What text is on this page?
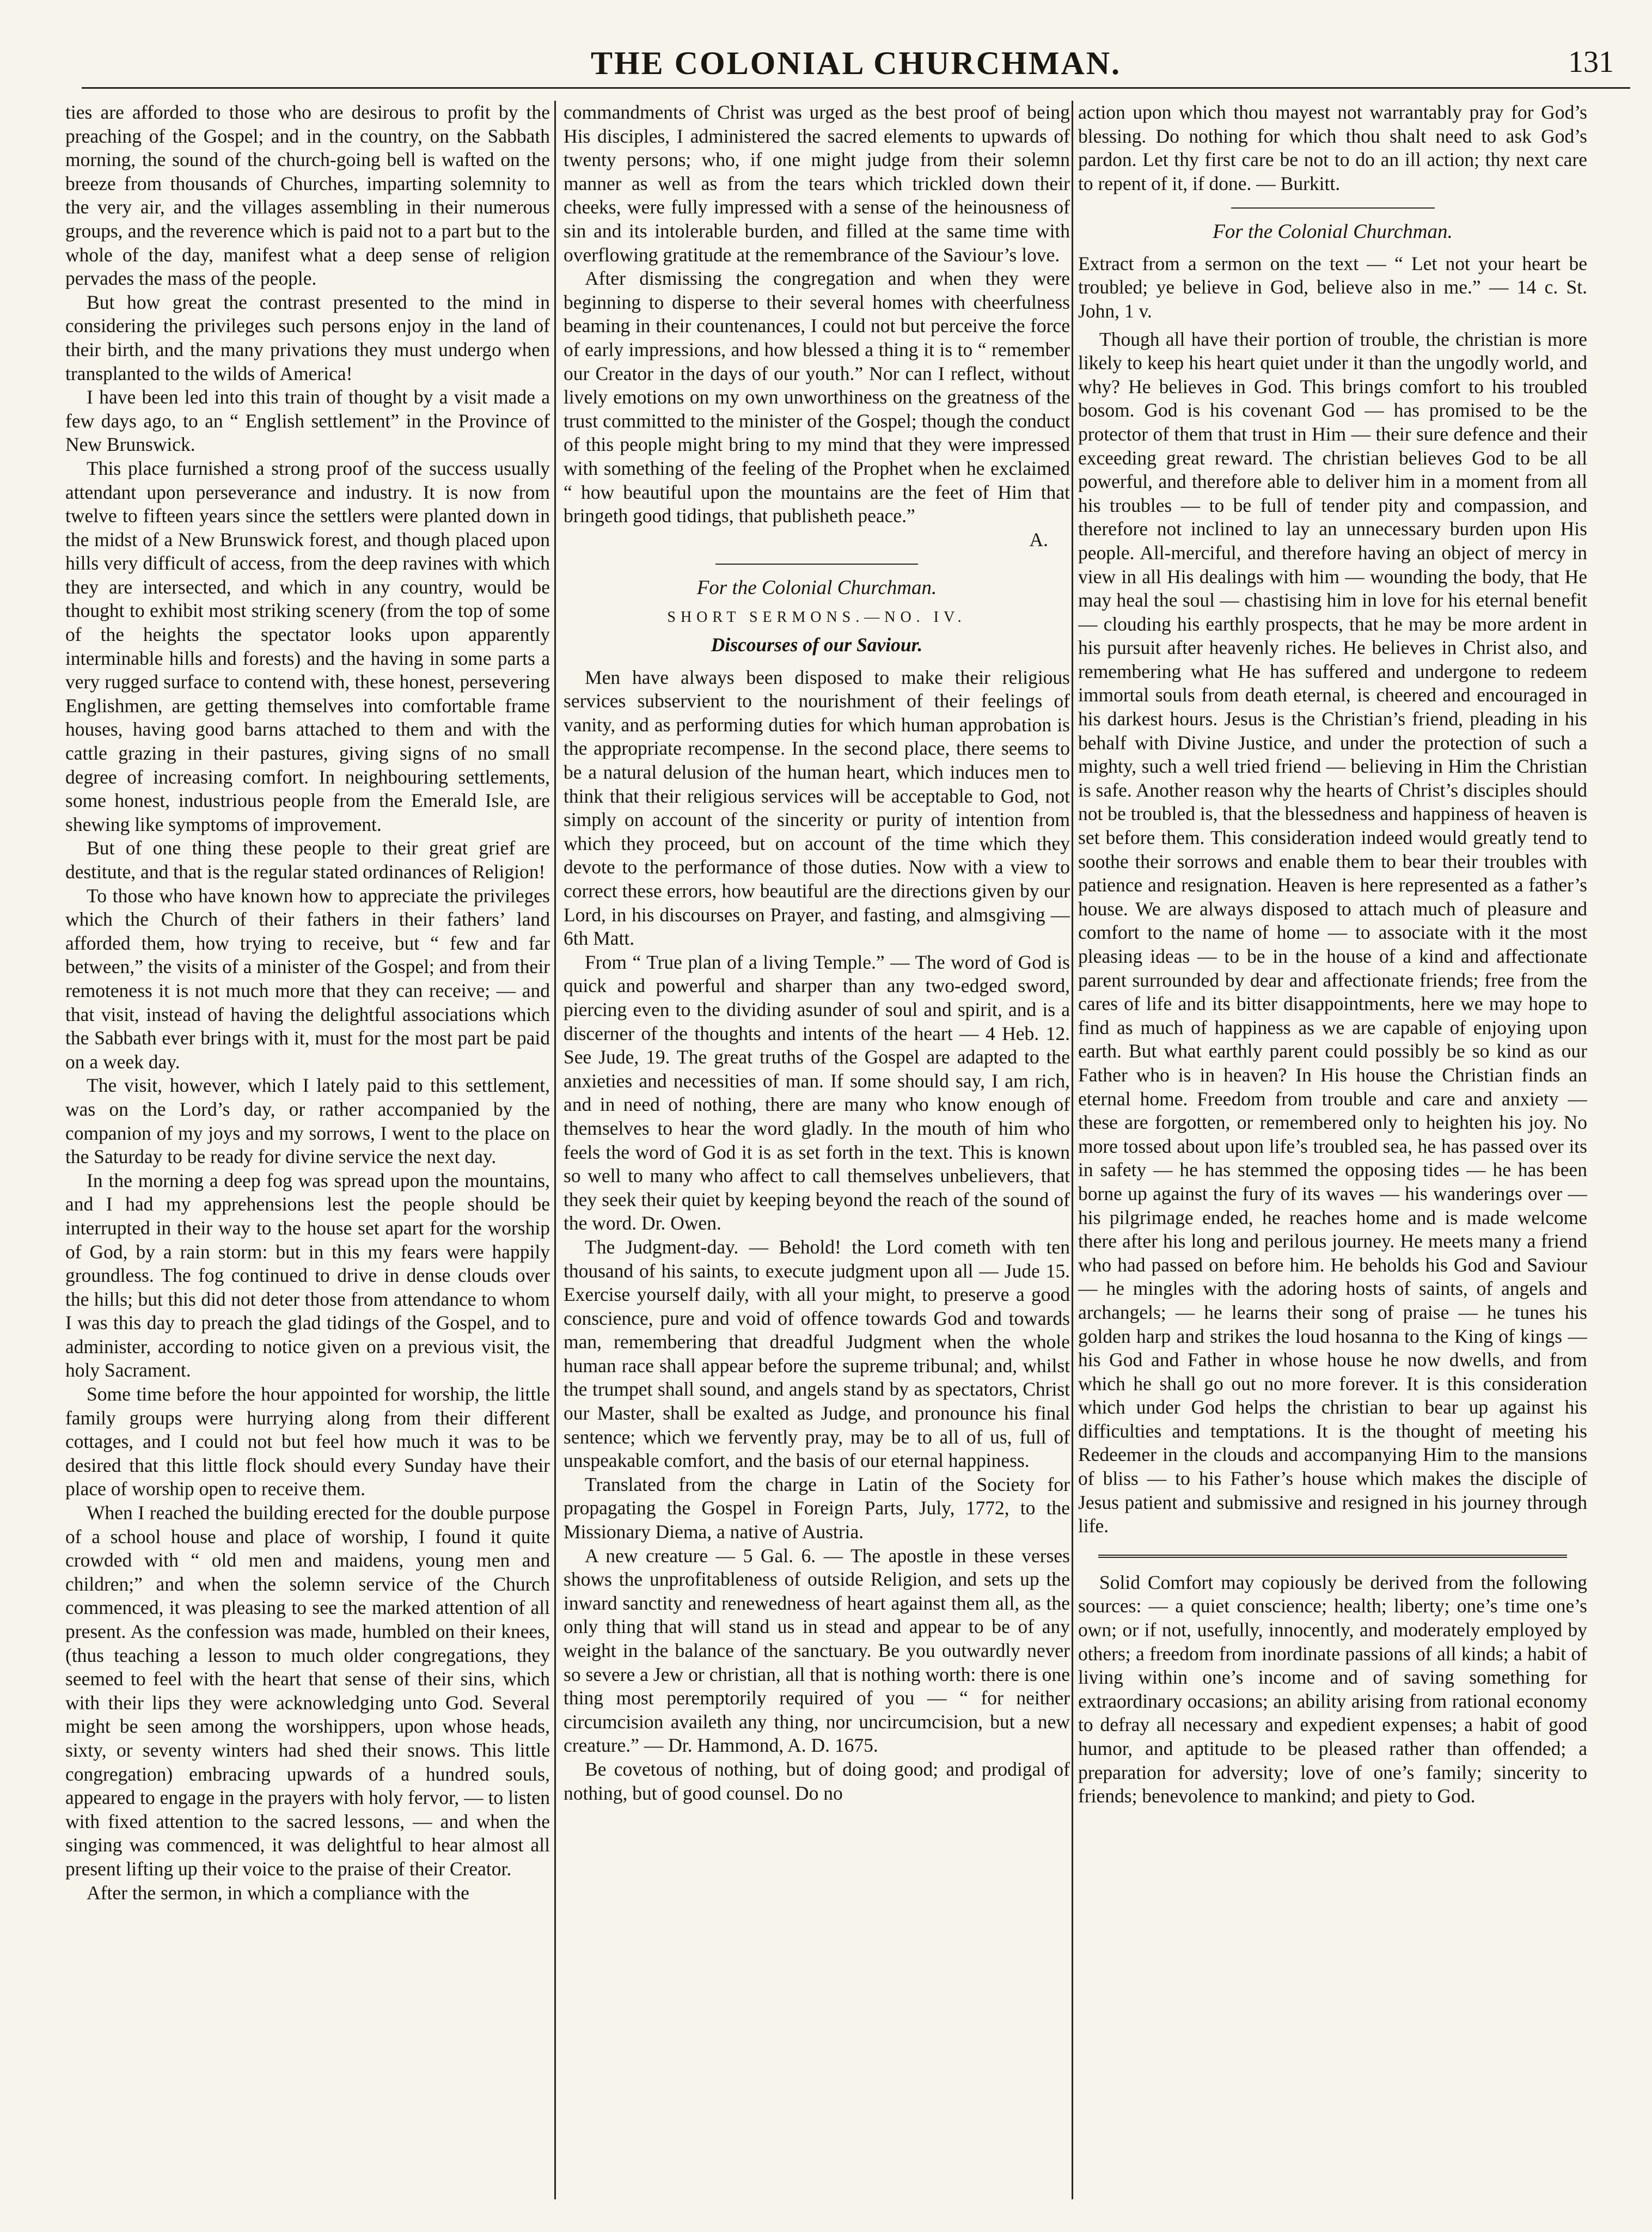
THE COLONIAL CHURCHMAN.	131

ties are afforded to those who are desirous to profit by the preaching of the Gospel; and in the country, on the Sabbath morning, the sound of the church-going bell is wafted on the breeze from thousands of Churches, imparting solemnity to the very air, and the villages assembling in their numerous groups, and the reverence which is paid not to a part but to the whole of the day, manifest what a deep sense of religion pervades the mass of the people.

But how great the contrast presented to the mind in considering the privileges such persons enjoy in the land of their birth, and the many privations they must undergo when transplanted to the wilds of America!

I have been led into this train of thought by a visit made a few days ago, to an “ English settlement” in the Province of New Brunswick.

This place furnished a strong proof of the success usually attendant upon perseverance and industry. It is now from twelve to fifteen years since the settlers were planted down in the midst of a New Brunswick forest, and though placed upon hills very difficult of access, from the deep ravines with which they are intersected, and which in any country, would be thought to exhibit most striking scenery (from the top of some of the heights the spectator looks upon apparently interminable hills and forests) and the having in some parts a very rugged surface to contend with, these honest, persevering Englishmen, are getting themselves into comfortable frame houses, having good barns attached to them and with the cattle grazing in their pastures, giving signs of no small degree of increasing comfort. In neighbouring settlements, some honest, industrious people from the Emerald Isle, are shewing like symptoms of improvement.

But of one thing these people to their great grief are destitute, and that is the regular stated ordinances of Religion!

To those who have known how to appreciate the privileges which the Church of their fathers in their fathers’ land afforded them, how trying to receive, but “ few and far between,” the visits of a minister of the Gospel; and from their remoteness it is not much more that they can receive; — and that visit, instead of having the delightful associations which the Sabbath ever brings with it, must for the most part be paid on a week day.

The visit, however, which I lately paid to this settlement, was on the Lord’s day, or rather accompanied by the companion of my joys and my sorrows, I went to the place on the Saturday to be ready for divine service the next day.

In the morning a deep fog was spread upon the mountains, and I had my apprehensions lest the people should be interrupted in their way to the house set apart for the worship of God, by a rain storm: but in this my fears were happily groundless. The fog continued to drive in dense clouds over the hills; but this did not deter those from attendance to whom I was this day to preach the glad tidings of the Gospel, and to administer, according to notice given on a previous visit, the holy Sacrament.

Some time before the hour appointed for worship, the little family groups were hurrying along from their different cottages, and I could not but feel how much it was to be desired that this little flock should every Sunday have their place of worship open to receive them.

When I reached the building erected for the double purpose of a school house and place of worship, I found it quite crowded with “ old men and maidens, young men and children;” and when the solemn service of the Church commenced, it was pleasing to see the marked attention of all present. As the confession was made, humbled on their knees, (thus teaching a lesson to much older congregations, they seemed to feel with the heart that sense of their sins, which with their lips they were acknowledging unto God. Several might be seen among the worshippers, upon whose heads, sixty, or seventy winters had shed their snows. This little congregation) embracing upwards of a hundred souls, appeared to engage in the prayers with holy fervor, — to listen with fixed attention to the sacred lessons, — and when the singing was commenced, it was delightful to hear almost all present lifting up their voice to the praise of their Creator.

After the sermon, in which a compliance with the

commandments of Christ was urged as the best proof of being His disciples, I administered the sacred elements to upwards of twenty persons; who, if one might judge from their solemn manner as well as from the tears which trickled down their cheeks, were fully impressed with a sense of the heinousness of sin and its intolerable burden, and filled at the same time with overflowing gratitude at the remembrance of the Saviour’s love.

After dismissing the congregation and when they were beginning to disperse to their several homes with cheerfulness beaming in their countenances, I could not but perceive the force of early impressions, and how blessed a thing it is to “ remember our Creator in the days of our youth.” Nor can I reflect, without lively emotions on my own unworthiness on the greatness of the trust committed to the minister of the Gospel; though the conduct of this people might bring to my mind that they were impressed with something of the feeling of the Prophet when he exclaimed “ how beautiful upon the mountains are the feet of Him that bringeth good tidings, that publisheth peace.”

A.

For the Colonial Churchman.
SHORT SERMONS.—NO. IV.
Discourses of our Saviour.

Men have always been disposed to make their religious services subservient to the nourishment of their feelings of vanity, and as performing duties for which human approbation is the appropriate recompense. In the second place, there seems to be a natural delusion of the human heart, which induces men to think that their religious services will be acceptable to God, not simply on account of the sincerity or purity of intention from which they proceed, but on account of the time which they devote to the performance of those duties. Now with a view to correct these errors, how beautiful are the directions given by our Lord, in his discourses on Prayer, and fasting, and almsgiving — 6th Matt.

From “ True plan of a living Temple.” — The word of God is quick and powerful and sharper than any two-edged sword, piercing even to the dividing asunder of soul and spirit, and is a discerner of the thoughts and intents of the heart — 4 Heb. 12. See Jude, 19. The great truths of the Gospel are adapted to the anxieties and necessities of man. If some should say, I am rich, and in need of nothing, there are many who know enough of themselves to hear the word gladly. In the mouth of him who feels the word of God it is as set forth in the text. This is known so well to many who affect to call themselves unbelievers, that they seek their quiet by keeping beyond the reach of the sound of the word. Dr. Owen.

The Judgment-day. — Behold! the Lord cometh with ten thousand of his saints, to execute judgment upon all — Jude 15. Exercise yourself daily, with all your might, to preserve a good conscience, pure and void of offence towards God and towards man, remembering that dreadful Judgment when the whole human race shall appear before the supreme tribunal; and, whilst the trumpet shall sound, and angels stand by as spectators, Christ our Master, shall be exalted as Judge, and pronounce his final sentence; which we fervently pray, may be to all of us, full of unspeakable comfort, and the basis of our eternal happiness.

Translated from the charge in Latin of the Society for propagating the Gospel in Foreign Parts, July, 1772, to the Missionary Diema, a native of Austria.

A new creature — 5 Gal. 6. — The apostle in these verses shows the unprofitableness of outside Religion, and sets up the inward sanctity and renewedness of heart against them all, as the only thing that will stand us in stead and appear to be of any weight in the balance of the sanctuary. Be you outwardly never so severe a Jew or christian, all that is nothing worth: there is one thing most peremptorily required of you — “ for neither circumcision availeth any thing, nor uncircumcision, but a new creature.” — Dr. Hammond, A. D. 1675.

Be covetous of nothing, but of doing good; and prodigal of nothing, but of good counsel. Do no

action upon which thou mayest not warrantably pray for God’s blessing. Do nothing for which thou shalt need to ask God’s pardon. Let thy first care be not to do an ill action; thy next care to repent of it, if done. — Burkitt.

For the Colonial Churchman.

Extract from a sermon on the text — “ Let not your heart be troubled; ye believe in God, believe also in me.” — 14 c. St. John, 1 v.

Though all have their portion of trouble, the christian is more likely to keep his heart quiet under it than the ungodly world, and why? He believes in God. This brings comfort to his troubled bosom. God is his covenant God — has promised to be the protector of them that trust in Him — their sure defence and their exceeding great reward. The christian believes God to be all powerful, and therefore able to deliver him in a moment from all his troubles — to be full of tender pity and compassion, and therefore not inclined to lay an unnecessary burden upon His people. All-merciful, and therefore having an object of mercy in view in all His dealings with him — wounding the body, that He may heal the soul — chastising him in love for his eternal benefit — clouding his earthly prospects, that he may be more ardent in his pursuit after heavenly riches. He believes in Christ also, and remembering what He has suffered and undergone to redeem immortal souls from death eternal, is cheered and encouraged in his darkest hours. Jesus is the Christian’s friend, pleading in his behalf with Divine Justice, and under the protection of such a mighty, such a well tried friend — believing in Him the Christian is safe. Another reason why the hearts of Christ’s disciples should not be troubled is, that the blessedness and happiness of heaven is set before them. This consideration indeed would greatly tend to soothe their sorrows and enable them to bear their troubles with patience and resignation. Heaven is here represented as a father’s house. We are always disposed to attach much of pleasure and comfort to the name of home — to associate with it the most pleasing ideas — to be in the house of a kind and affectionate parent surrounded by dear and affectionate friends; free from the cares of life and its bitter disappointments, here we may hope to find as much of happiness as we are capable of enjoying upon earth. But what earthly parent could possibly be so kind as our Father who is in heaven? In His house the Christian finds an eternal home. Freedom from trouble and care and anxiety — these are forgotten, or remembered only to heighten his joy. No more tossed about upon life’s troubled sea, he has passed over its in safety — he has stemmed the opposing tides — he has been borne up against the fury of its waves — his wanderings over — his pilgrimage ended, he reaches home and is made welcome there after his long and perilous journey. He meets many a friend who had passed on before him. He beholds his God and Saviour — he mingles with the adoring hosts of saints, of angels and archangels; — he learns their song of praise — he tunes his golden harp and strikes the loud hosanna to the King of kings — his God and Father in whose house he now dwells, and from which he shall go out no more forever. It is this consideration which under God helps the christian to bear up against his difficulties and temptations. It is the thought of meeting his Redeemer in the clouds and accompanying Him to the mansions of bliss — to his Father’s house which makes the disciple of Jesus patient and submissive and resigned in his journey through life.

Solid Comfort may copiously be derived from the following sources: — a quiet conscience; health; liberty; one’s time one’s own; or if not, usefully, innocently, and moderately employed by others; a freedom from inordinate passions of all kinds; a habit of living within one’s income and of saving something for extraordinary occasions; an ability arising from rational economy to defray all necessary and expedient expenses; a habit of good humor, and aptitude to be pleased rather than offended; a preparation for adversity; love of one’s family; sincerity to friends; benevolence to mankind; and piety to God.
